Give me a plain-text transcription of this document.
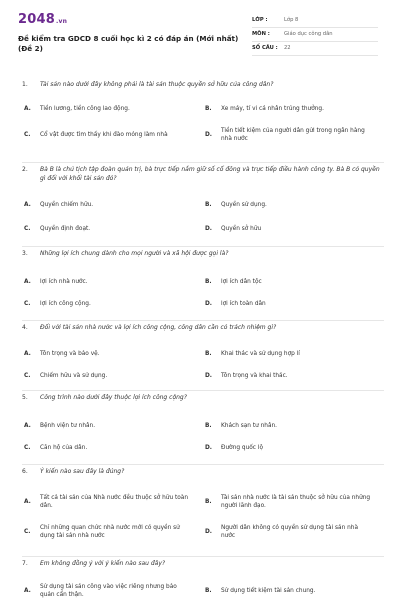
2048.vn
Đề kiểm tra GDCD 8 cuối học kì 2 có đáp án (Mới nhất)(Đề 2)
LỚP :	Lớp 8
MÔN :	Giáo dục công dân
SỐ CÂU : 22
1.	Tài sản nào dưới đây không phải là tài sản thuộc quyền sở hữu của công dân?
A.	Tiền lương, tiền công lao động.	B.	Xe máy, tí vi cá nhân trúng thưởng.
C.	Cổ vật được tìm thấy khi đào móng làm nhà	D.
Tiền tiết kiệm của người dân gửi trong ngân hàng nhà nước
2.	Bà B là chủ tịch tập đoàn quản trị, bà trực tiếp nắm giữ số cổ đông và trực tiếp điều hành công ty. Bà B có quyền gì đối với khối tài sản đó?
A.	Quyền chiếm hữu.	B.	Quyền sử dụng.
C.	Quyền định đoạt.	D.	Quyền sở hữu
3.	Những lợi ích chung dành cho mọi người và xã hội được gọi là?
A.	lợi ích nhà nước.	B.	lợi ích dân tộc
C.	lợi ích công cộng.	D.	lợi ích toàn dân
4.	Đối với tài sản nhà nước và lợi ích công cộng, công dân cần có trách nhiệm gì?
A.	Tôn trọng và bảo vệ.	B.	Khai thác và sử dụng hợp lí
C.	Chiếm hữu và sử dụng.	D.	Tôn trọng và khai thác.
5.	Công trình nào dưới đây thuộc lợi ích công cộng?
A.	Bệnh viện tư nhân.	B.	Khách sạn tư nhân.
C.	Căn hộ của dân.	D.	Đường quốc lộ
6.	Ý kiến nào sau đây là đúng?
A.
Tất cả tài sản của Nhà nước đều thuộc sở hữu toàn dân.
B.
Tài sản nhà nước là tài sản thuộc sở hữu của những người lãnh đạo.
C.
Chỉ những quan chức nhà nước mới có quyền sử dụng tài sản nhà nước
D.
Người dân không có quyền sử dụng tài sản nhà nước
7.	Em không đồng ý với ý kiến nào sau đây?
A.
Sử dụng tài sản công vào việc riêng nhưng bảo quản cẩn thận.
B.	Sử dụng tiết kiệm tài sản chung.
